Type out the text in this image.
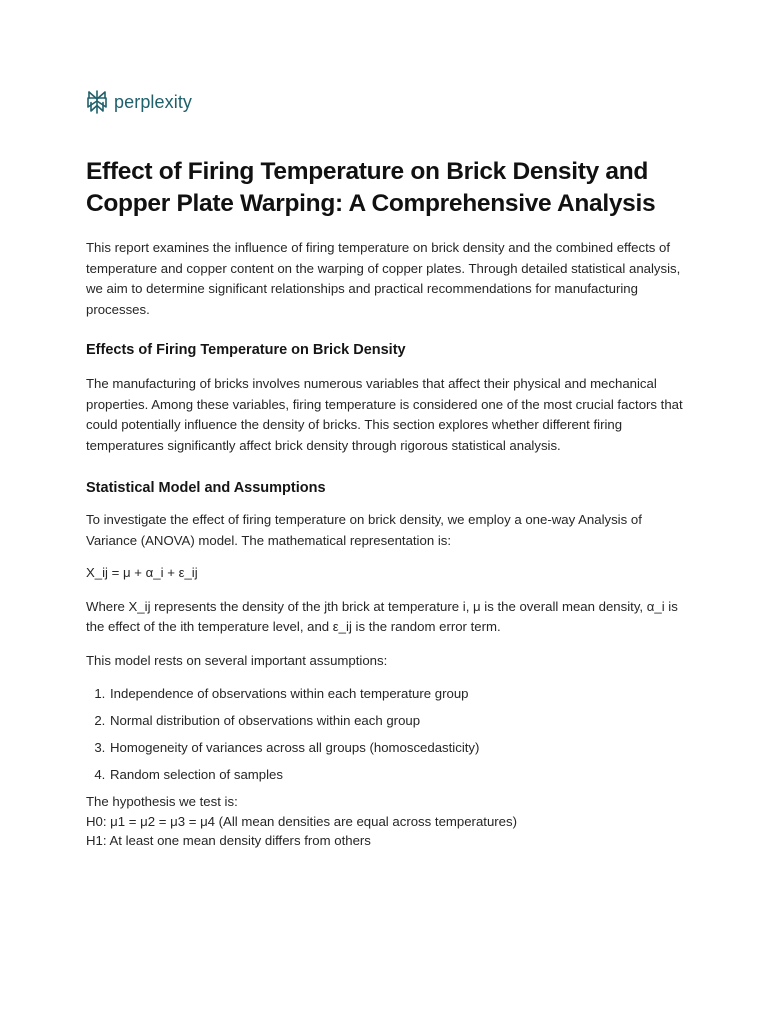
perplexity
Effect of Firing Temperature on Brick Density and Copper Plate Warping: A Comprehensive Analysis

This report examines the influence of firing temperature on brick density and the combined effects of temperature and copper content on the warping of copper plates. Through detailed statistical analysis, we aim to determine significant relationships and practical recommendations for manufacturing processes.

Effects of Firing Temperature on Brick Density

The manufacturing of bricks involves numerous variables that affect their physical and mechanical properties. Among these variables, firing temperature is considered one of the most crucial factors that could potentially influence the density of bricks. This section explores whether different firing temperatures significantly affect brick density through rigorous statistical analysis.

Statistical Model and Assumptions

To investigate the effect of firing temperature on brick density, we employ a one-way Analysis of Variance (ANOVA) model. The mathematical representation is:

X_ij = μ + α_i + ε_ij

Where X_ij represents the density of the jth brick at temperature i, μ is the overall mean density, α_i is the effect of the ith temperature level, and ε_ij is the random error term.

This model rests on several important assumptions:

1. Independence of observations within each temperature group
2. Normal distribution of observations within each group
3. Homogeneity of variances across all groups (homoscedasticity)
4. Random selection of samples

The hypothesis we test is:

H0: μ1 = μ2 = μ3 = μ4 (All mean densities are equal across temperatures)

H1: At least one mean density differs from others
